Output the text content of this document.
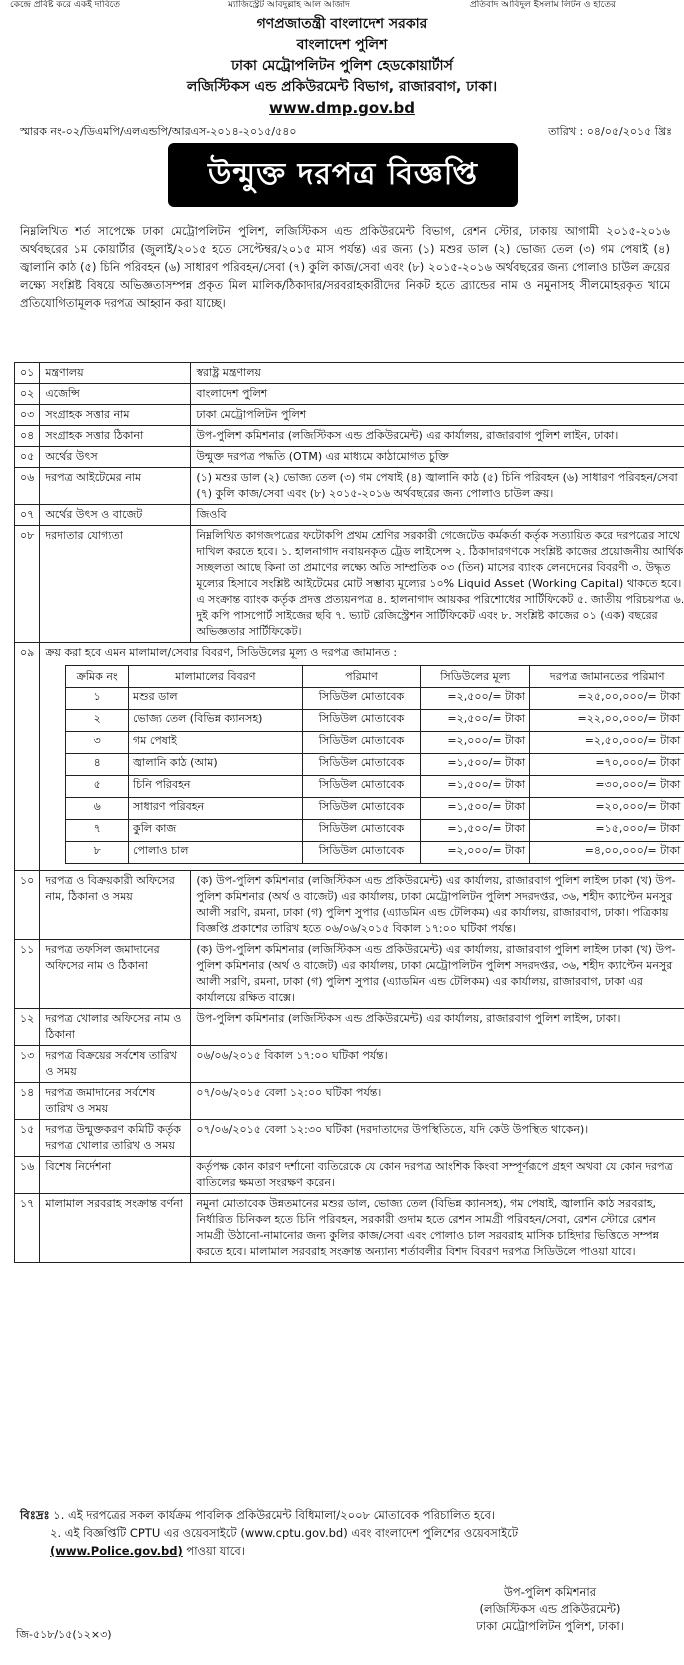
কেন্দ্রে প্রবিষ্ট করে একই দাবিতে	ম্যাজিস্ট্রেট আবদুল্লাহ আল আজাদ	প্রতিবাদ আবিদুল ইসলাম লিটন ও হাতের
গণপ্রজাতন্ত্রী বাংলাদেশ সরকার
বাংলাদেশ পুলিশ
ঢাকা মেট্রোপলিটন পুলিশ হেডকোয়ার্টার্স
লজিস্টিকস এন্ড প্রকিউরমেন্ট বিভাগ, রাজারবাগ, ঢাকা।
www.dmp.gov.bd
স্মারক নং-০২/ডিএমপি/এলএন্ডপি/আরএস-২০১৪-২০১৫/৫৪০	তারিখ : ০৪/০৫/২০১৫ খ্রিঃ
উন্মুক্ত দরপত্র বিজ্ঞপ্তি
নিম্নলিখিত শর্ত সাপেক্ষে ঢাকা মেট্রোপলিটন পুলিশ, লজিস্টিকস এন্ড প্রকিউরমেন্ট বিভাগ, রেশন স্টোর, ঢাকায় আগামী ২০১৫-২০১৬ অর্থবছরের ১ম কোয়ার্টার (জুলাই/২০১৫ হতে সেপ্টেম্বর/২০১৫ মাস পর্যন্ত) এর জন্য (১) মশুর ডাল (২) ভোজ্য তেল (৩) গম পেষাই (৪) জ্বালানি কাঠ (৫) চিনি পরিবহন (৬) সাধারণ পরিবহন/সেবা (৭) কুলি কাজ/সেবা এবং (৮) ২০১৫-২০১৬ অর্থবছরের জন্য পোলাও চাউল ক্রয়ের লক্ষ্যে সংশ্লিষ্ট বিষয়ে অভিজ্ঞতাসম্পন্ন প্রকৃত মিল মালিক/ঠিকাদার/সরবরাহকারীদের নিকট হতে ব্র্যান্ডের নাম ও নমুনাসহ সীলমোহরকৃত খামে প্রতিযোগিতামূলক দরপত্র আহ্বান করা যাচ্ছে।
০১	মন্ত্রণালয়	স্বরাষ্ট্র মন্ত্রণালয়
০২	এজেন্সি	বাংলাদেশ পুলিশ
০৩	সংগ্রাহক সত্তার নাম	ঢাকা মেট্রোপলিটন পুলিশ
০৪	সংগ্রাহক সত্তার ঠিকানা	উপ-পুলিশ কমিশনার (লজিস্টিকস এন্ড প্রকিউরমেন্ট) এর কার্যালয়, রাজারবাগ পুলিশ লাইন, ঢাকা।
০৫	অর্থের উৎস	উন্মুক্ত দরপত্র পদ্ধতি (OTM) এর মাধ্যমে কাঠামোগত চুক্তি
০৬	দরপত্র আইটেমের নাম	(১) মশুর ডাল (২) ভোজ্য তেল (৩) গম পেষাই (৪) জ্বালানি কাঠ (৫) চিনি পরিবহন (৬) সাধারণ পরিবহন/সেবা (৭) কুলি কাজ/সেবা এবং (৮) ২০১৫-২০১৬ অর্থবছরের জন্য পোলাও চাউল ক্রয়।
০৭	অর্থের উৎস ও বাজেট	জিওবি
০৮	দরদাতার যোগ্যতা	নিম্নলিখিত কাগজপত্রের ফটোকপি প্রথম শ্রেণির সরকারী গেজেটেড কর্মকর্তা কর্তৃক সত্যায়িত করে দরপত্রের সাথে দাখিল করতে হবে। ১. হালনাগাদ নবায়নকৃত ট্রেড লাইসেন্স ২. ঠিকাদারগণকে সংশ্লিষ্ট কাজের প্রয়োজনীয় আর্থিক সচ্ছলতা আছে কিনা তা প্রমাণের লক্ষ্যে অতি সাম্প্রতিক ০৩ (তিন) মাসের ব্যাংক লেনদেনের বিবরণী ৩. উদ্ধৃত মূল্যের হিসাবে সংশ্লিষ্ট আইটেমের মোট সম্ভাব্য মূল্যের ১০% Liquid Asset (Working Capital) থাকতে হবে। এ সংক্রান্ত ব্যাংক কর্তৃক প্রদত্ত প্রত্যয়নপত্র ৪. হালনাগাদ আয়কর পরিশোধের সার্টিফিকেট ৫. জাতীয় পরিচয়পত্র ৬. দুই কপি পাসপোর্ট সাইজের ছবি ৭. ভ্যাট রেজিস্ট্রেশন সার্টিফিকেট এবং ৮. সংশ্লিষ্ট কাজের ০১ (এক) বছরের অভিজ্ঞতার সার্টিফিকেট।
০৯	ক্রয় করা হবে এমন মালামাল/সেবার বিবরণ, সিডিউলের মূল্য ও দরপত্র জামানত :
ক্রমিক নং	মালামালের বিবরণ	পরিমাণ	সিডিউলের মূল্য	দরপত্র জামানতের পরিমাণ
১	মশুর ডাল	সিডিউল মোতাবেক	=২,৫০০/= টাকা	=২৫,০০,০০০/= টাকা
২	ভোজ্য তেল (বিভিন্ন ক্যানসহ)	সিডিউল মোতাবেক	=২,৫০০/= টাকা	=২২,০০,০০০/= টাকা
৩	গম পেষাই	সিডিউল মোতাবেক	=২,০০০/= টাকা	=২,৫০,০০০/= টাকা
৪	জ্বালানি কাঠ (আম)	সিডিউল মোতাবেক	=১,৫০০/= টাকা	=৭০,০০০/= টাকা
৫	চিনি পরিবহন	সিডিউল মোতাবেক	=১,৫০০/= টাকা	=৩০,০০০/= টাকা
৬	সাধারণ পরিবহন	সিডিউল মোতাবেক	=১,৫০০/= টাকা	=২০,০০০/= টাকা
৭	কুলি কাজ	সিডিউল মোতাবেক	=১,৫০০/= টাকা	=১৫,০০০/= টাকা
৮	পোলাও চাল	সিডিউল মোতাবেক	=২,০০০/= টাকা	=৪,০০,০০০/= টাকা

১০	দরপত্র ও বিক্রয়কারী অফিসের নাম, ঠিকানা ও সময়	(ক) উপ-পুলিশ কমিশনার (লজিস্টিকস এন্ড প্রকিউরমেন্ট) এর কার্যালয়, রাজারবাগ পুলিশ লাইন্স ঢাকা (খ) উপ-পুলিশ কমিশনার (অর্থ ও বাজেট) এর কার্যালয়, ঢাকা মেট্রোপলিটন পুলিশ সদরদপ্তর, ৩৬, শহীদ ক্যাপ্টেন মনসুর আলী সরণি, রমনা, ঢাকা (গ) পুলিশ সুপার (এ্যাডমিন এন্ড টেলিকম) এর কার্যালয়, রাজারবাগ, ঢাকা। পত্রিকায় বিজ্ঞপ্তি প্রকাশের তারিখ হতে ০৬/০৬/২০১৫ বিকাল ১৭:০০ ঘটিকা পর্যন্ত।
১১	দরপত্র তফসিল জমাদানের অফিসের নাম ও ঠিকানা	(ক) উপ-পুলিশ কমিশনার (লজিস্টিকস এন্ড প্রকিউরমেন্ট) এর কার্যালয়, রাজারবাগ পুলিশ লাইন্স ঢাকা (খ) উপ-পুলিশ কমিশনার (অর্থ ও বাজেট) এর কার্যালয়, ঢাকা মেট্রোপলিটন পুলিশ সদরদপ্তর, ৩৬, শহীদ ক্যাপ্টেন মনসুর আলী সরণি, রমনা, ঢাকা (গ) পুলিশ সুপার (এ্যাডমিন এন্ড টেলিকম) এর কার্যালয়, রাজারবাগ, ঢাকা এর কার্যালয়ে রক্ষিত বাক্সে।
১২	দরপত্র খোলার অফিসের নাম ও ঠিকানা	উপ-পুলিশ কমিশনার (লজিস্টিকস এন্ড প্রকিউরমেন্ট) এর কার্যালয়, রাজারবাগ পুলিশ লাইন্স, ঢাকা।
১৩	দরপত্র বিক্রয়ের সর্বশেষ তারিখ ও সময়	০৬/০৬/২০১৫ বিকাল ১৭:০০ ঘটিকা পর্যন্ত।
১৪	দরপত্র জমাদানের সর্বশেষ তারিখ ও সময়	০৭/০৬/২০১৫ বেলা ১২:০০ ঘটিকা পর্যন্ত।
১৫	দরপত্র উন্মুক্তকরণ কমিটি কর্তৃক দরপত্র খোলার তারিখ ও সময়	০৭/০৬/২০১৫ বেলা ১২:৩০ ঘটিকা (দরদাতাদের উপস্থিতিতে, যদি কেউ উপস্থিত থাকেন)।
১৬	বিশেষ নির্দেশনা	কর্তৃপক্ষ কোন কারণ দর্শানো ব্যতিরেকে যে কোন দরপত্র আংশিক কিংবা সম্পূর্ণরূপে গ্রহণ অথবা যে কোন দরপত্র বাতিলের ক্ষমতা সংরক্ষণ করেন।
১৭	মালামাল সরবরাহ সংক্রান্ত বর্ণনা	নমুনা মোতাবেক উন্নতমানের মশুর ডাল, ভোজ্য তেল (বিভিন্ন ক্যানসহ), গম পেষাই, জ্বালানি কাঠ সরবরাহ, নির্ধারিত চিনিকল হতে চিনি পরিবহন, সরকারী গুদাম হতে রেশন সামগ্রী পরিবহন/সেবা, রেশন স্টোরে রেশন সামগ্রী উঠানো-নামানোর জন্য কুলির কাজ/সেবা এবং পোলাও চাল সরবরাহ মাসিক চাহিদার ভিত্তিতে সম্পন্ন করতে হবে। মালামাল সরবরাহ সংক্রান্ত অন্যান্য শর্তাবলীর বিশদ বিবরণ দরপত্র সিডিউলে পাওয়া যাবে।
বিঃদ্রঃ ১. এই দরপত্রের সকল কার্যক্রম পাবলিক প্রকিউরমেন্ট বিধিমালা/২০০৮ মোতাবেক পরিচালিত হবে।
২. এই বিজ্ঞপ্তিটি CPTU এর ওয়েবসাইটে (www.cptu.gov.bd) এবং বাংলাদেশ পুলিশের ওয়েবসাইটে
(www.Police.gov.bd) পাওয়া যাবে।
উপ-পুলিশ কমিশনার
(লজিস্টিকস এন্ড প্রকিউরমেন্ট)
ঢাকা মেট্রোপলিটন পুলিশ, ঢাকা।
জি-৫১৮/১৫(১২×৩)
